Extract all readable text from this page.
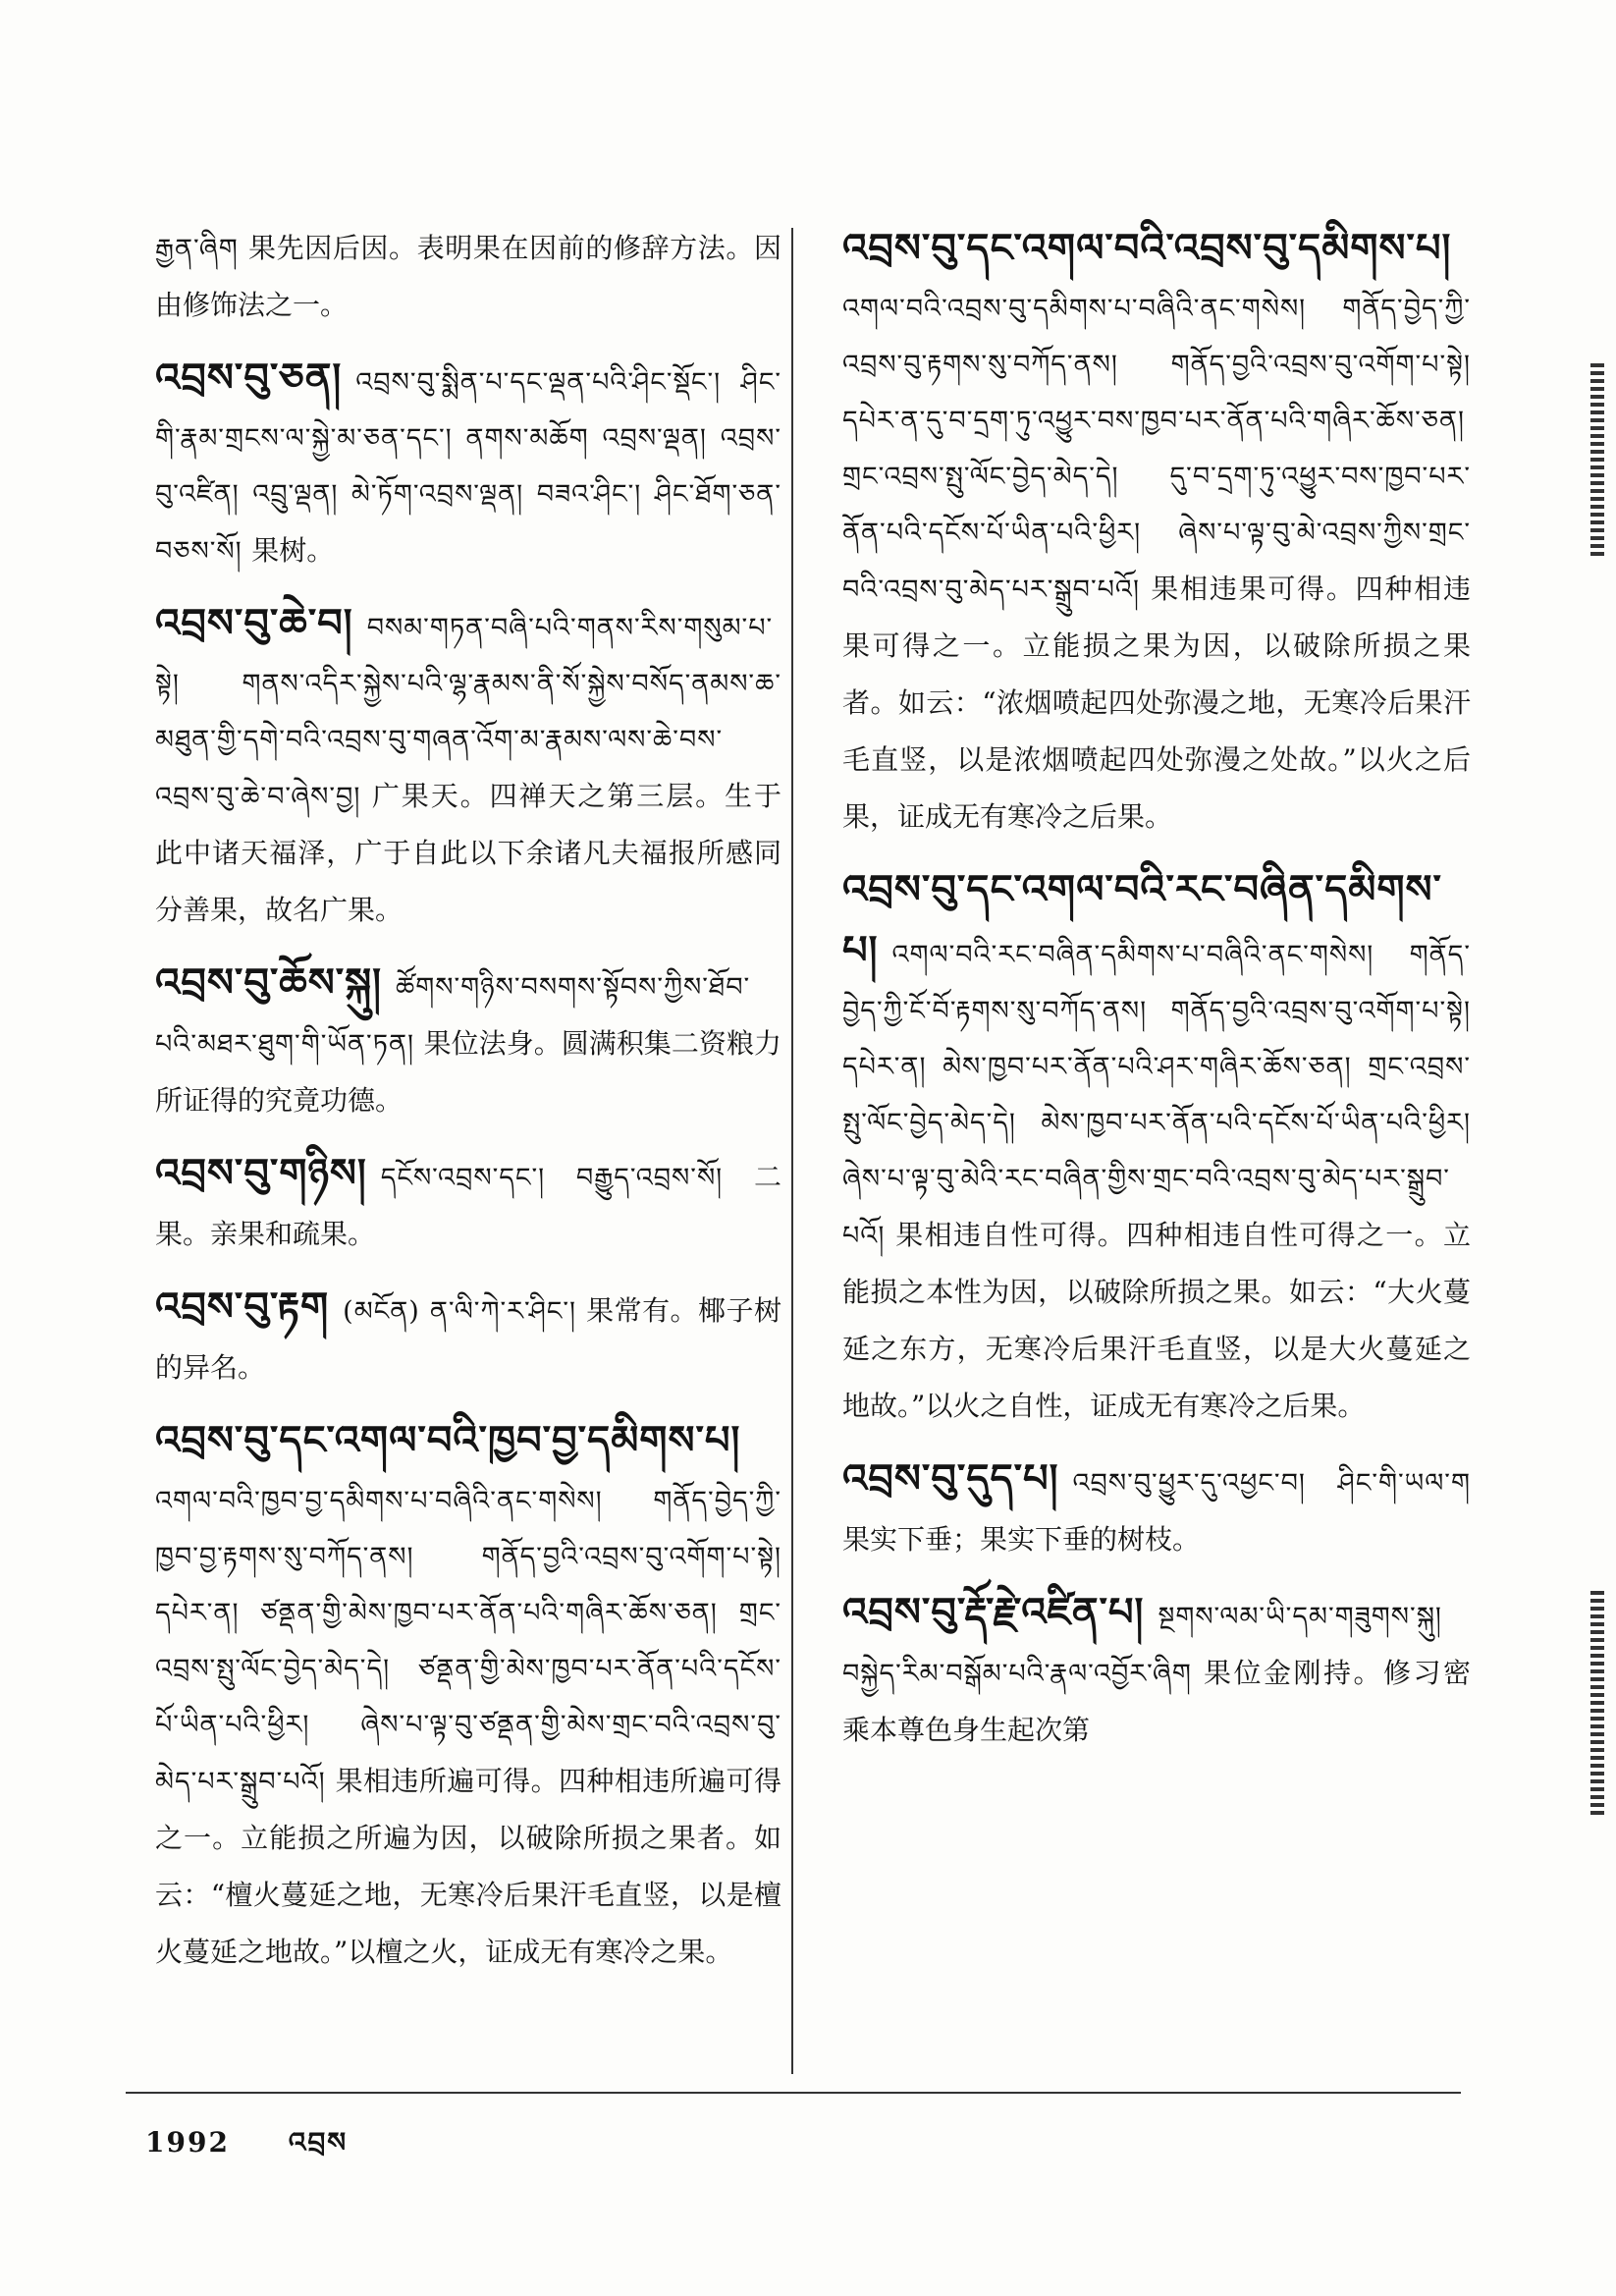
རྒྱན་ཞིག 果先因后因。表明果在因前的修辞方法。因由修饰法之一。

འབྲས་བུ་ཅན། འབྲས་བུ་སྨིན་པ་དང་ལྡན་པའི་ཤིང་སྡོང་། ཤིང་གི་རྣམ་གྲངས་ལ་སྐྱེ་མ་ཅན་དང་། ནགས་མཆོག འབྲས་ལྡན། འབྲས་བུ་འཛིན། འབྲུ་ལྡན། མེ་ཏོག་འབྲས་ལྡན། བཟའ་ཤིང་། ཤིང་ཐོག་ཅན་བཅས་སོ། 果树。

འབྲས་བུ་ཆེ་བ། བསམ་གཏན་བཞི་པའི་གནས་རིས་གསུམ་པ་སྟེ། གནས་འདིར་སྐྱེས་པའི་ལྷ་རྣམས་ནི་སོ་སྐྱེས་བསོད་ནམས་ཆ་མཐུན་གྱི་དགེ་བའི་འབྲས་བུ་གཞན་འོག་མ་རྣམས་ལས་ཆེ་བས་འབྲས་བུ་ཆེ་བ་ཞེས་བྱ། 广果天。四禅天之第三层。生于此中诸天福泽，广于自此以下余诸凡夫福报所感同分善果，故名广果。

འབྲས་བུ་ཆོས་སྐུ། ཚོགས་གཉིས་བསགས་སྟོབས་ཀྱིས་ཐོབ་པའི་མཐར་ཐུག་གི་ཡོན་ཏན། 果位法身。圆满积集二资粮力所证得的究竟功德。

འབྲས་བུ་གཉིས། དངོས་འབྲས་དང་། བརྒྱུད་འབྲས་སོ། 二果。亲果和疏果。

འབྲས་བུ་རྟག (མངོན) ན་ལི་ཀེ་ར་ཤིང་། 果常有。椰子树的异名。

འབྲས་བུ་དང་འགལ་བའི་ཁྱབ་བྱ་དམིགས་པ།འགལ་བའི་ཁྱབ་བྱ་དམིགས་པ་བཞིའི་ནང་གསེས། གནོད་བྱེད་ཀྱི་ཁྱབ་བྱ་རྟགས་སུ་བཀོད་ནས། གནོད་བྱའི་འབྲས་བུ་འགོག་པ་སྟེ། དཔེར་ན། ཙནྡན་གྱི་མེས་ཁྱབ་པར་ནོན་པའི་གཞིར་ཆོས་ཅན། གྲང་འབྲས་སྤུ་ལོང་བྱེད་མེད་དེ། ཙནྡན་གྱི་མེས་ཁྱབ་པར་ནོན་པའི་དངོས་པོ་ཡིན་པའི་ཕྱིར། ཞེས་པ་ལྟ་བུ་ཙནྡན་གྱི་མེས་གྲང་བའི་འབྲས་བུ་མེད་པར་སྒྲུབ་པའོ། 果相违所遍可得。四种相违所遍可得之一。立能损之所遍为因，以破除所损之果者。如云：“檀火蔓延之地，无寒冷后果汗毛直竖，以是檀火蔓延之地故。”以檀之火，证成无有寒冷之果。

འབྲས་བུ་དང་འགལ་བའི་འབྲས་བུ་དམིགས་པ།འགལ་བའི་འབྲས་བུ་དམིགས་པ་བཞིའི་ནང་གསེས། གནོད་བྱེད་ཀྱི་འབྲས་བུ་རྟགས་སུ་བཀོད་ནས། གནོད་བྱའི་འབྲས་བུ་འགོག་པ་སྟེ། དཔེར་ན་དུ་བ་དྲག་ཏུ་འཕྱུར་བས་ཁྱབ་པར་ནོན་པའི་གཞིར་ཆོས་ཅན། གྲང་འབྲས་སྤུ་ལོང་བྱེད་མེད་དེ། དུ་བ་དྲག་ཏུ་འཕྱུར་བས་ཁྱབ་པར་ནོན་པའི་དངོས་པོ་ཡིན་པའི་ཕྱིར། ཞེས་པ་ལྟ་བུ་མེ་འབྲས་ཀྱིས་གྲང་བའི་འབྲས་བུ་མེད་པར་སྒྲུབ་པའོ། 果相违果可得。四种相违果可得之一。立能损之果为因，以破除所损之果者。如云：“浓烟喷起四处弥漫之地，无寒冷后果汗毛直竖，以是浓烟喷起四处弥漫之处故。”以火之后果，证成无有寒冷之后果。

འབྲས་བུ་དང་འགལ་བའི་རང་བཞིན་དམིགས་པ། འགལ་བའི་རང་བཞིན་དམིགས་པ་བཞིའི་ནང་གསེས། གནོད་བྱེད་ཀྱི་ངོ་བོ་རྟགས་སུ་བཀོད་ནས། གནོད་བྱའི་འབྲས་བུ་འགོག་པ་སྟེ། དཔེར་ན། མེས་ཁྱབ་པར་ནོན་པའི་ཤར་གཞིར་ཆོས་ཅན། གྲང་འབྲས་སྤུ་ལོང་བྱེད་མེད་དེ། མེས་ཁྱབ་པར་ནོན་པའི་དངོས་པོ་ཡིན་པའི་ཕྱིར། ཞེས་པ་ལྟ་བུ་མེའི་རང་བཞིན་གྱིས་གྲང་བའི་འབྲས་བུ་མེད་པར་སྒྲུབ་པའོ། 果相违自性可得。四种相违自性可得之一。立能损之本性为因，以破除所损之果。如云：“大火蔓延之东方，无寒冷后果汗毛直竖，以是大火蔓延之地故。”以火之自性，证成无有寒冷之后果。

འབྲས་བུ་དུད་པ། འབྲས་བུ་ཕྱུར་དུ་འཕྱང་བ། ཤིང་གི་ཡལ་ག 果实下垂；果实下垂的树枝。

འབྲས་བུ་རྡོ་རྗེ་འཛིན་པ། སྔགས་ལམ་ཡི་དམ་གཟུགས་སྐུ། བསྐྱེད་རིམ་བསྒོམ་པའི་རྣལ་འབྱོར་ཞིག 果位金刚持。修习密乘本尊色身生起次第

1992 འབྲས
